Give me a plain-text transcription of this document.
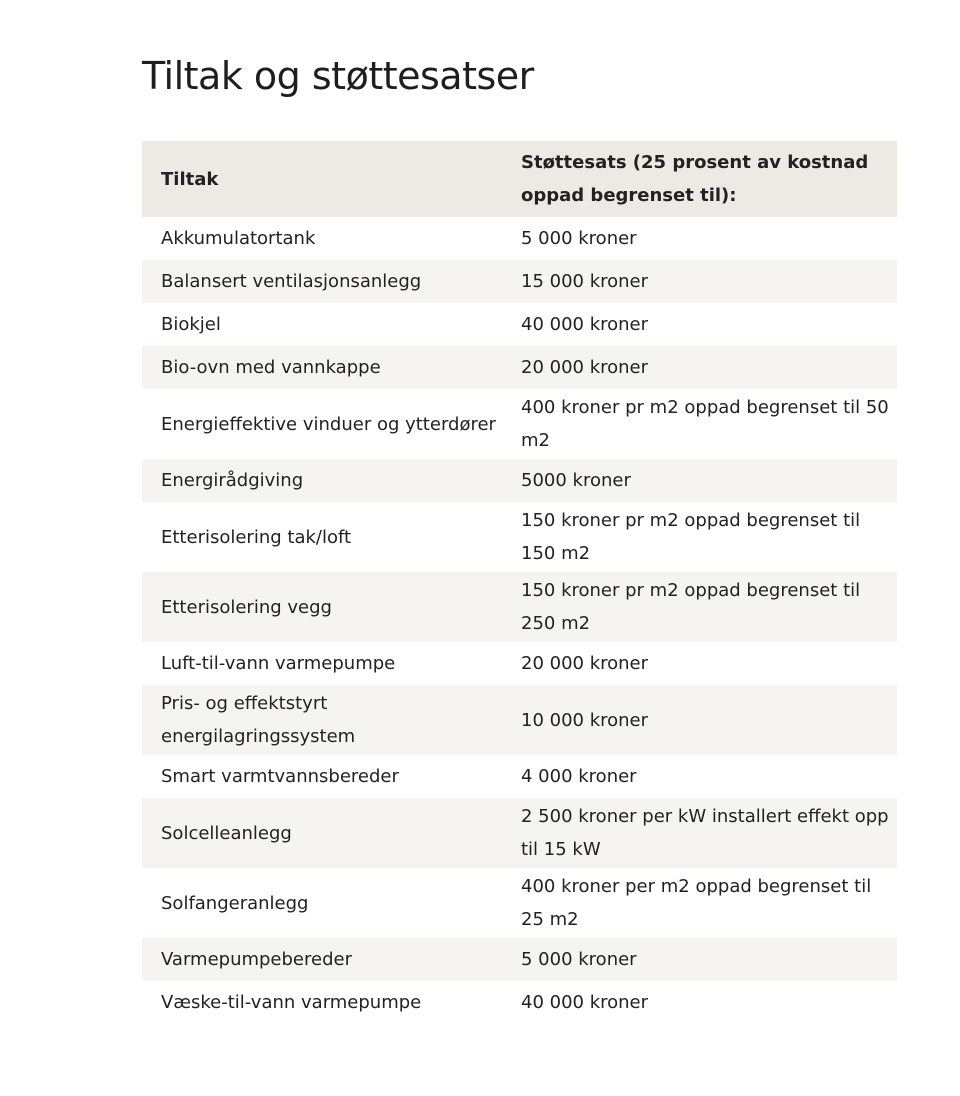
Tiltak og støttesatser
Tiltak	Støttesats (25 prosent av kostnad oppad begrenset til):
Akkumulatortank	5 000 kroner
Balansert ventilasjonsanlegg	15 000 kroner
Biokjel	40 000 kroner
Bio-ovn med vannkappe	20 000 kroner
Energieffektive vinduer og ytterdører	400 kroner pr m2 oppad begrenset til 50 m2
Energirådgiving	5000 kroner
Etterisolering tak/loft	150 kroner pr m2 oppad begrenset til 150 m2
Etterisolering vegg	150 kroner pr m2 oppad begrenset til 250 m2
Luft-til-vann varmepumpe	20 000 kroner
Pris- og effektstyrt energilagringssystem	10 000 kroner
Smart varmtvannsbereder	4 000 kroner
Solcelleanlegg	2 500 kroner per kW installert effekt opp til 15 kW
Solfangeranlegg	400 kroner per m2 oppad begrenset til 25 m2
Varmepumpebereder	5 000 kroner
Væske-til-vann varmepumpe	40 000 kroner
